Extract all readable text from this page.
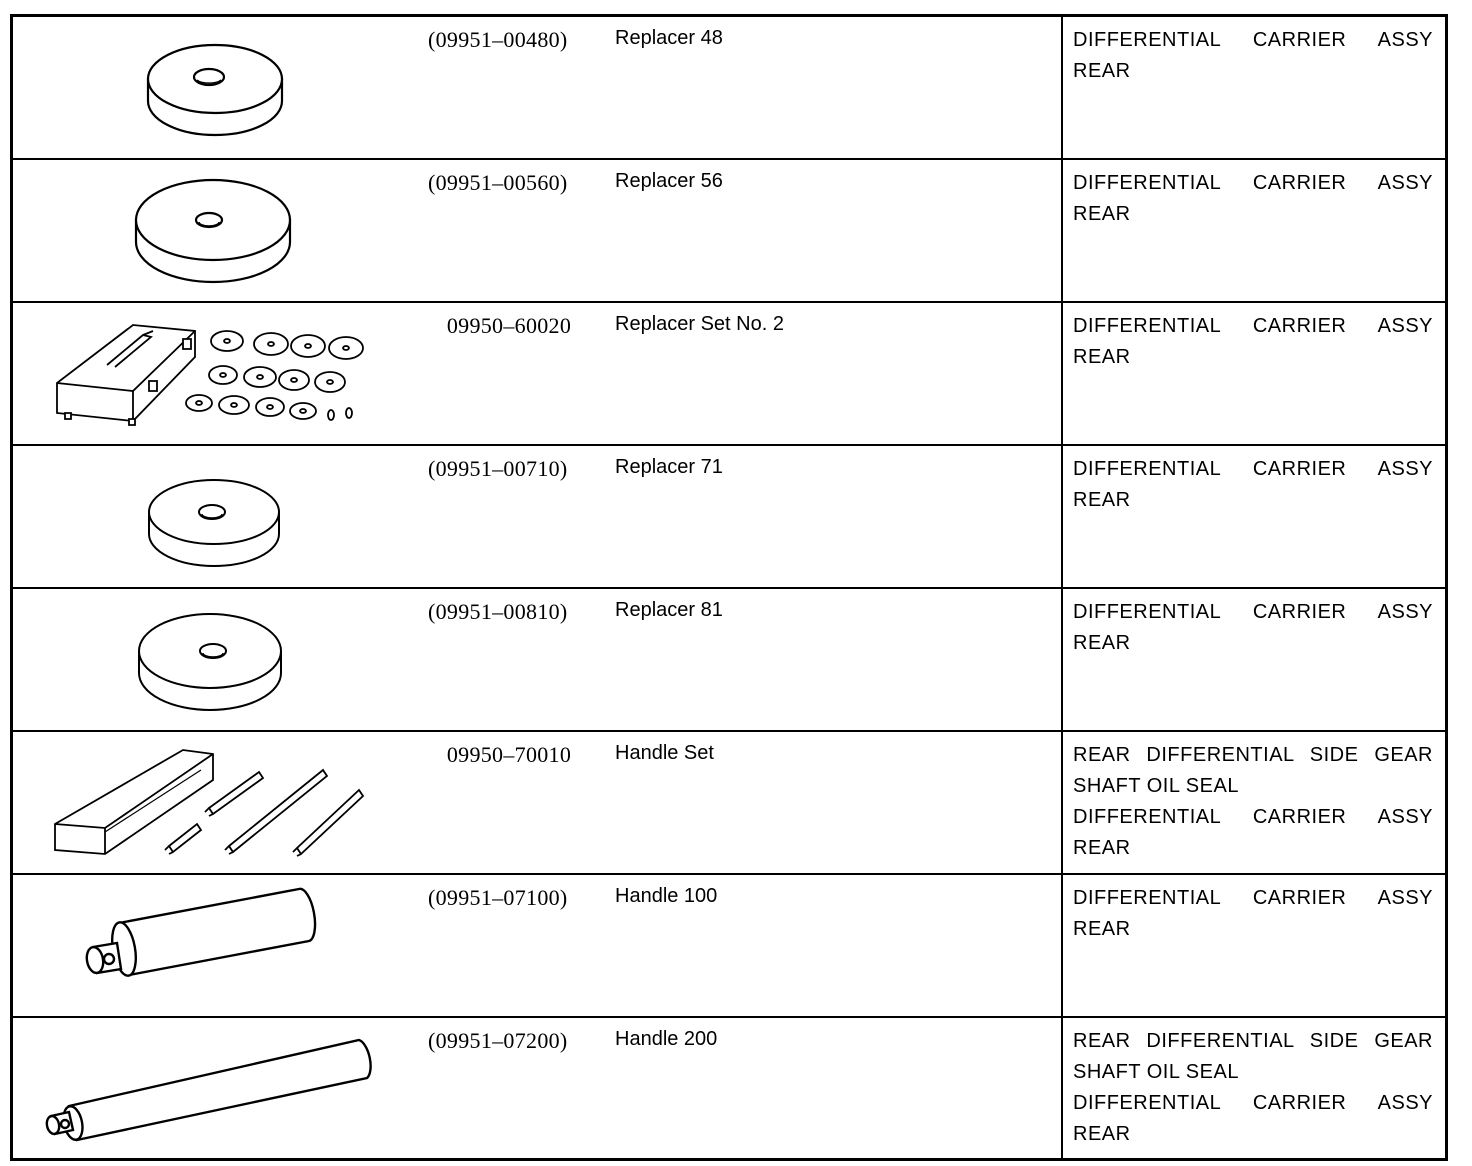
(09951–00480)	Replacer 48	DIFFERENTIAL CARRIER ASSY
REAR

(09951–00560)	Replacer 56	DIFFERENTIAL CARRIER ASSY
REAR

09950–60020	Replacer Set No. 2	DIFFERENTIAL CARRIER ASSY
REAR

(09951–00710)	Replacer 71	DIFFERENTIAL CARRIER ASSY
REAR

(09951–00810)	Replacer 81	DIFFERENTIAL CARRIER ASSY
REAR

09950–70010	Handle Set	REAR DIFFERENTIAL SIDE GEAR
SHAFT OIL SEAL
DIFFERENTIAL CARRIER ASSY
REAR

(09951–07100)	Handle 100	DIFFERENTIAL CARRIER ASSY
REAR

(09951–07200)	Handle 200	REAR DIFFERENTIAL SIDE GEAR
SHAFT OIL SEAL
DIFFERENTIAL CARRIER ASSY
REAR
